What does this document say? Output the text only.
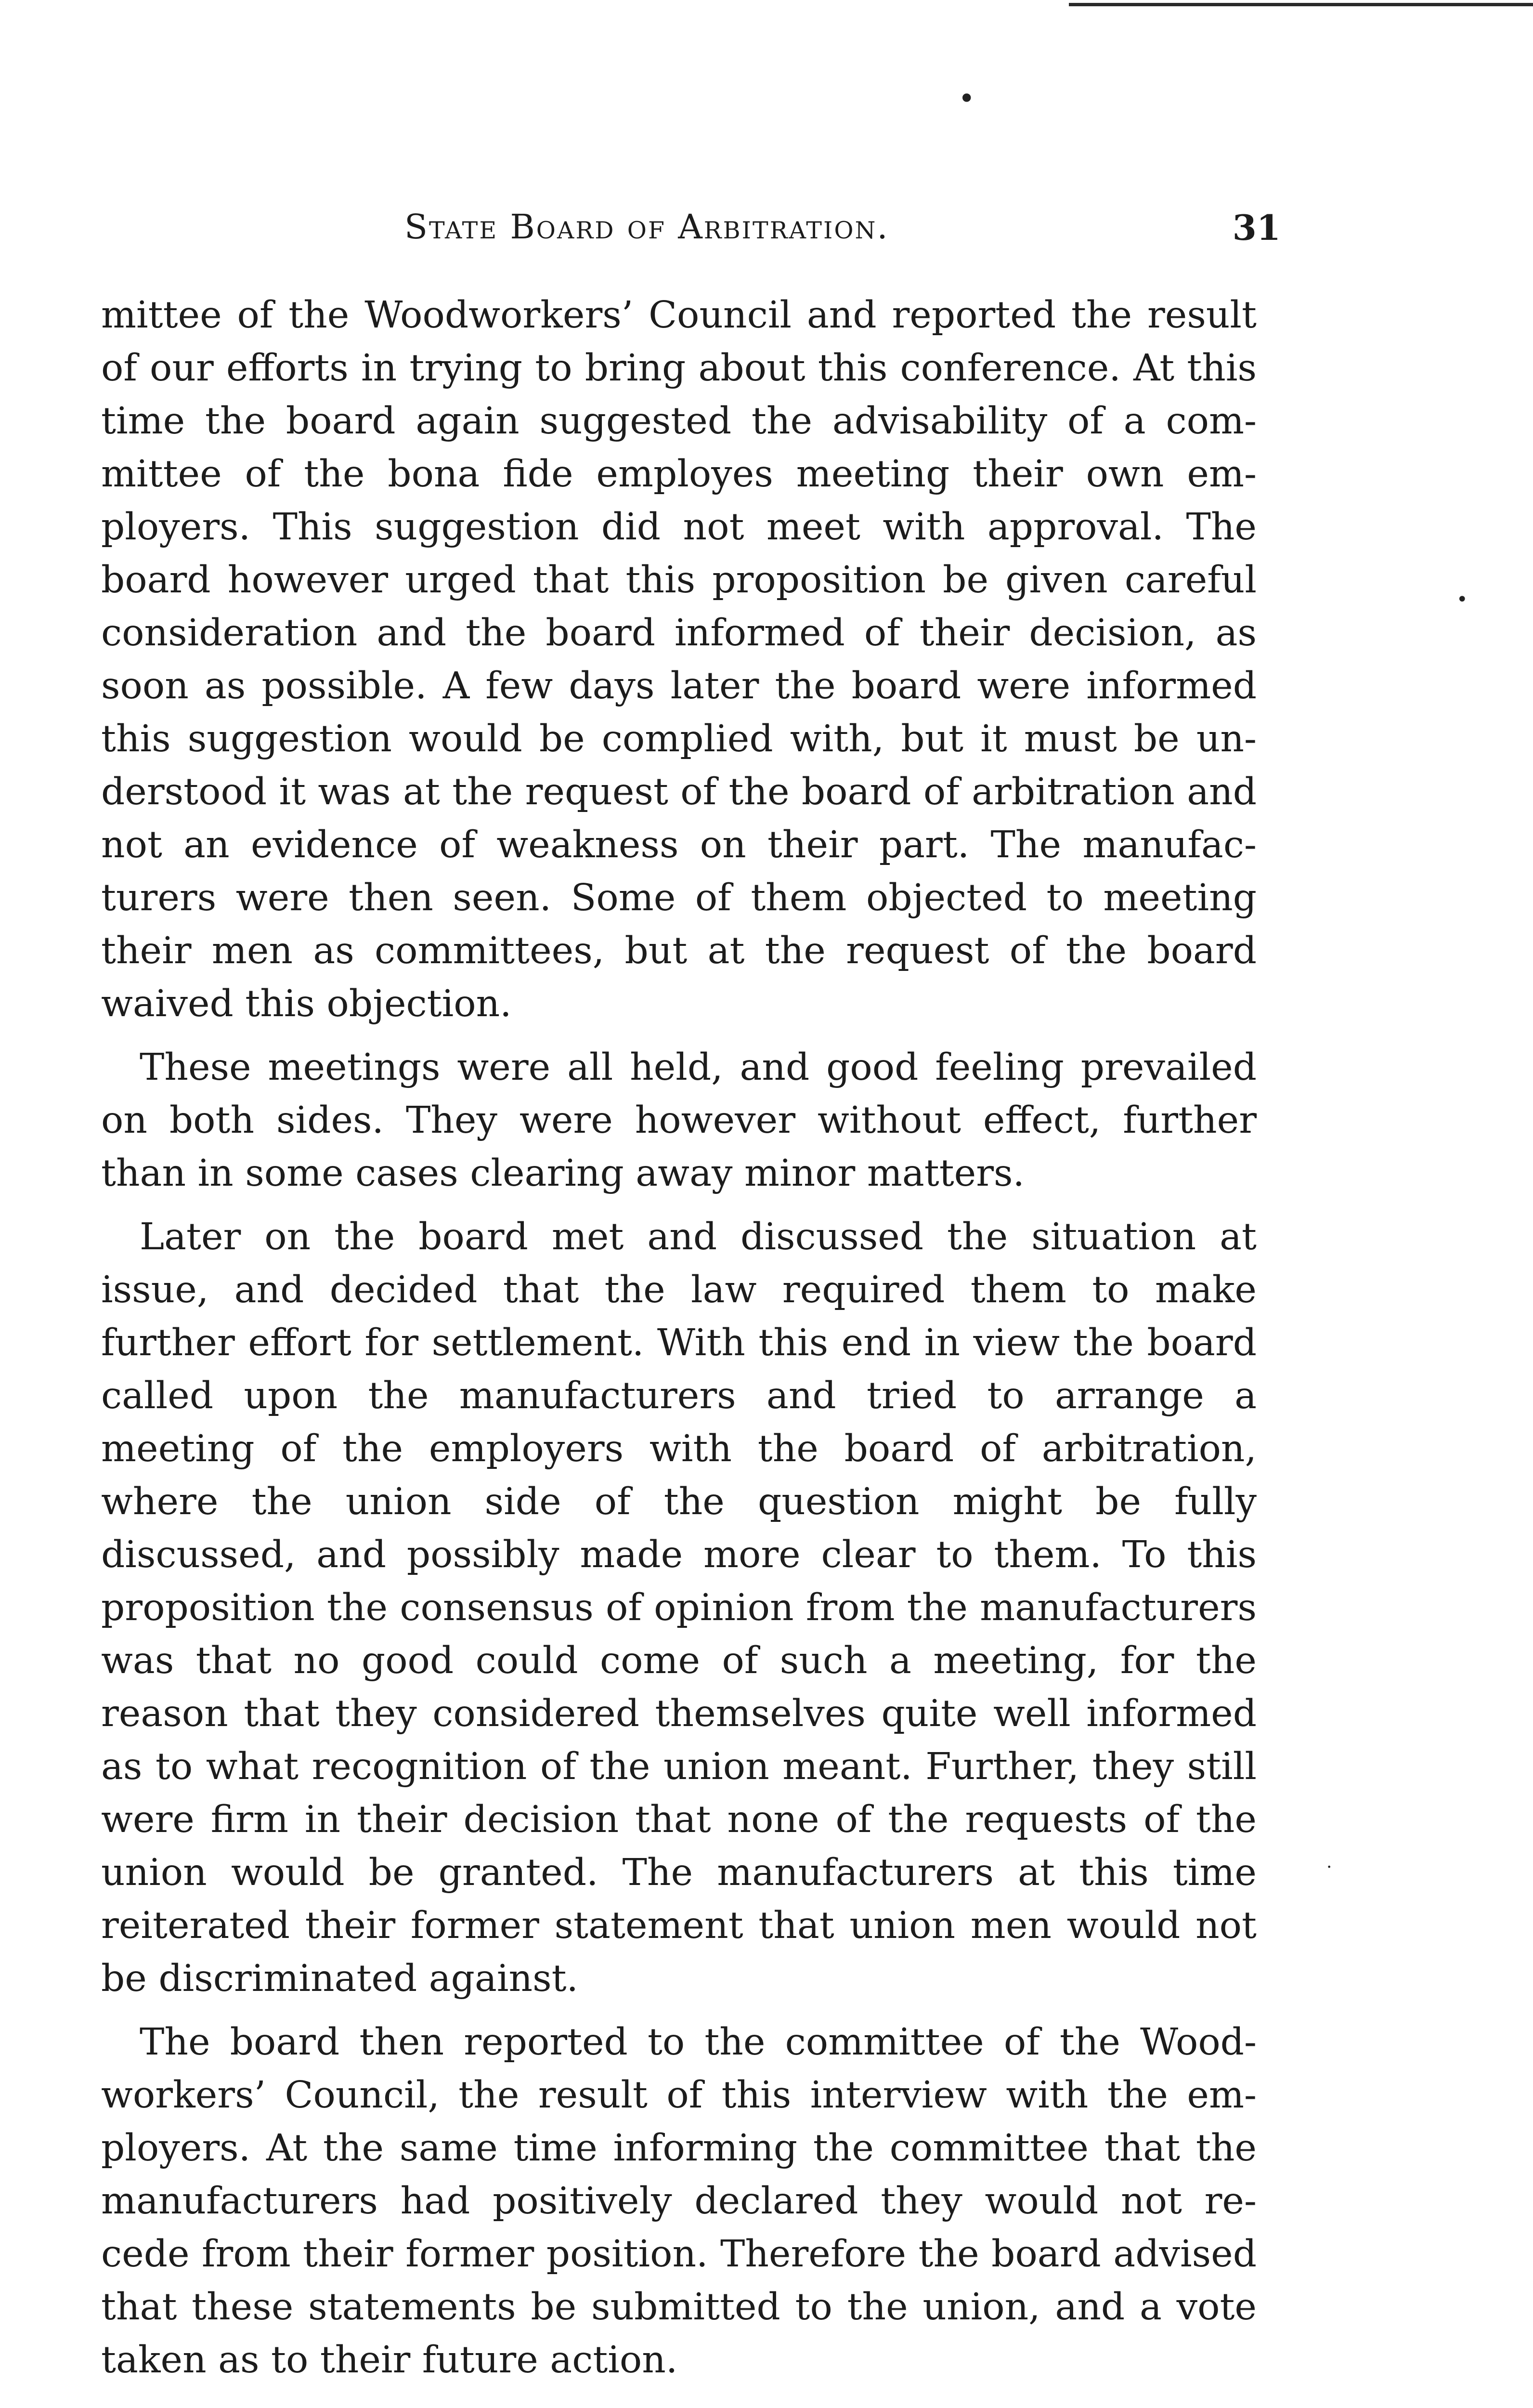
•
•
·
State Board of Arbitration.	31

mittee of the Woodworkers’ Council and reported the result of our efforts in trying to bring about this conference. At this time the board again suggested the advisability of a committee of the bona fide employes meeting their own employers. This suggestion did not meet with approval. The board however urged that this proposition be given careful consideration and the board informed of their decision, as soon as possible. A few days later the board were informed this suggestion would be complied with, but it must be understood it was at the request of the board of arbitration and not an evidence of weakness on their part. The manufacturers were then seen. Some of them objected to meeting their men as committees, but at the request of the board waived this objection.

These meetings were all held, and good feeling prevailed on both sides. They were however without effect, further than in some cases clearing away minor matters.

Later on the board met and discussed the situation at issue, and decided that the law required them to make further effort for settlement. With this end in view the board called upon the manufacturers and tried to arrange a meeting of the employers with the board of arbitration, where the union side of the question might be fully discussed, and possibly made more clear to them. To this proposition the consensus of opinion from the manufacturers was that no good could come of such a meeting, for the reason that they considered themselves quite well informed as to what recognition of the union meant. Further, they still were firm in their decision that none of the requests of the union would be granted. The manufacturers at this time reiterated their former statement that union men would not be discriminated against.

The board then reported to the committee of the Woodworkers’ Council, the result of this interview with the employers. At the same time informing the committee that the manufacturers had positively declared they would not recede from their former position. Therefore the board advised that these statements be submitted to the union, and a vote taken as to their future action.
